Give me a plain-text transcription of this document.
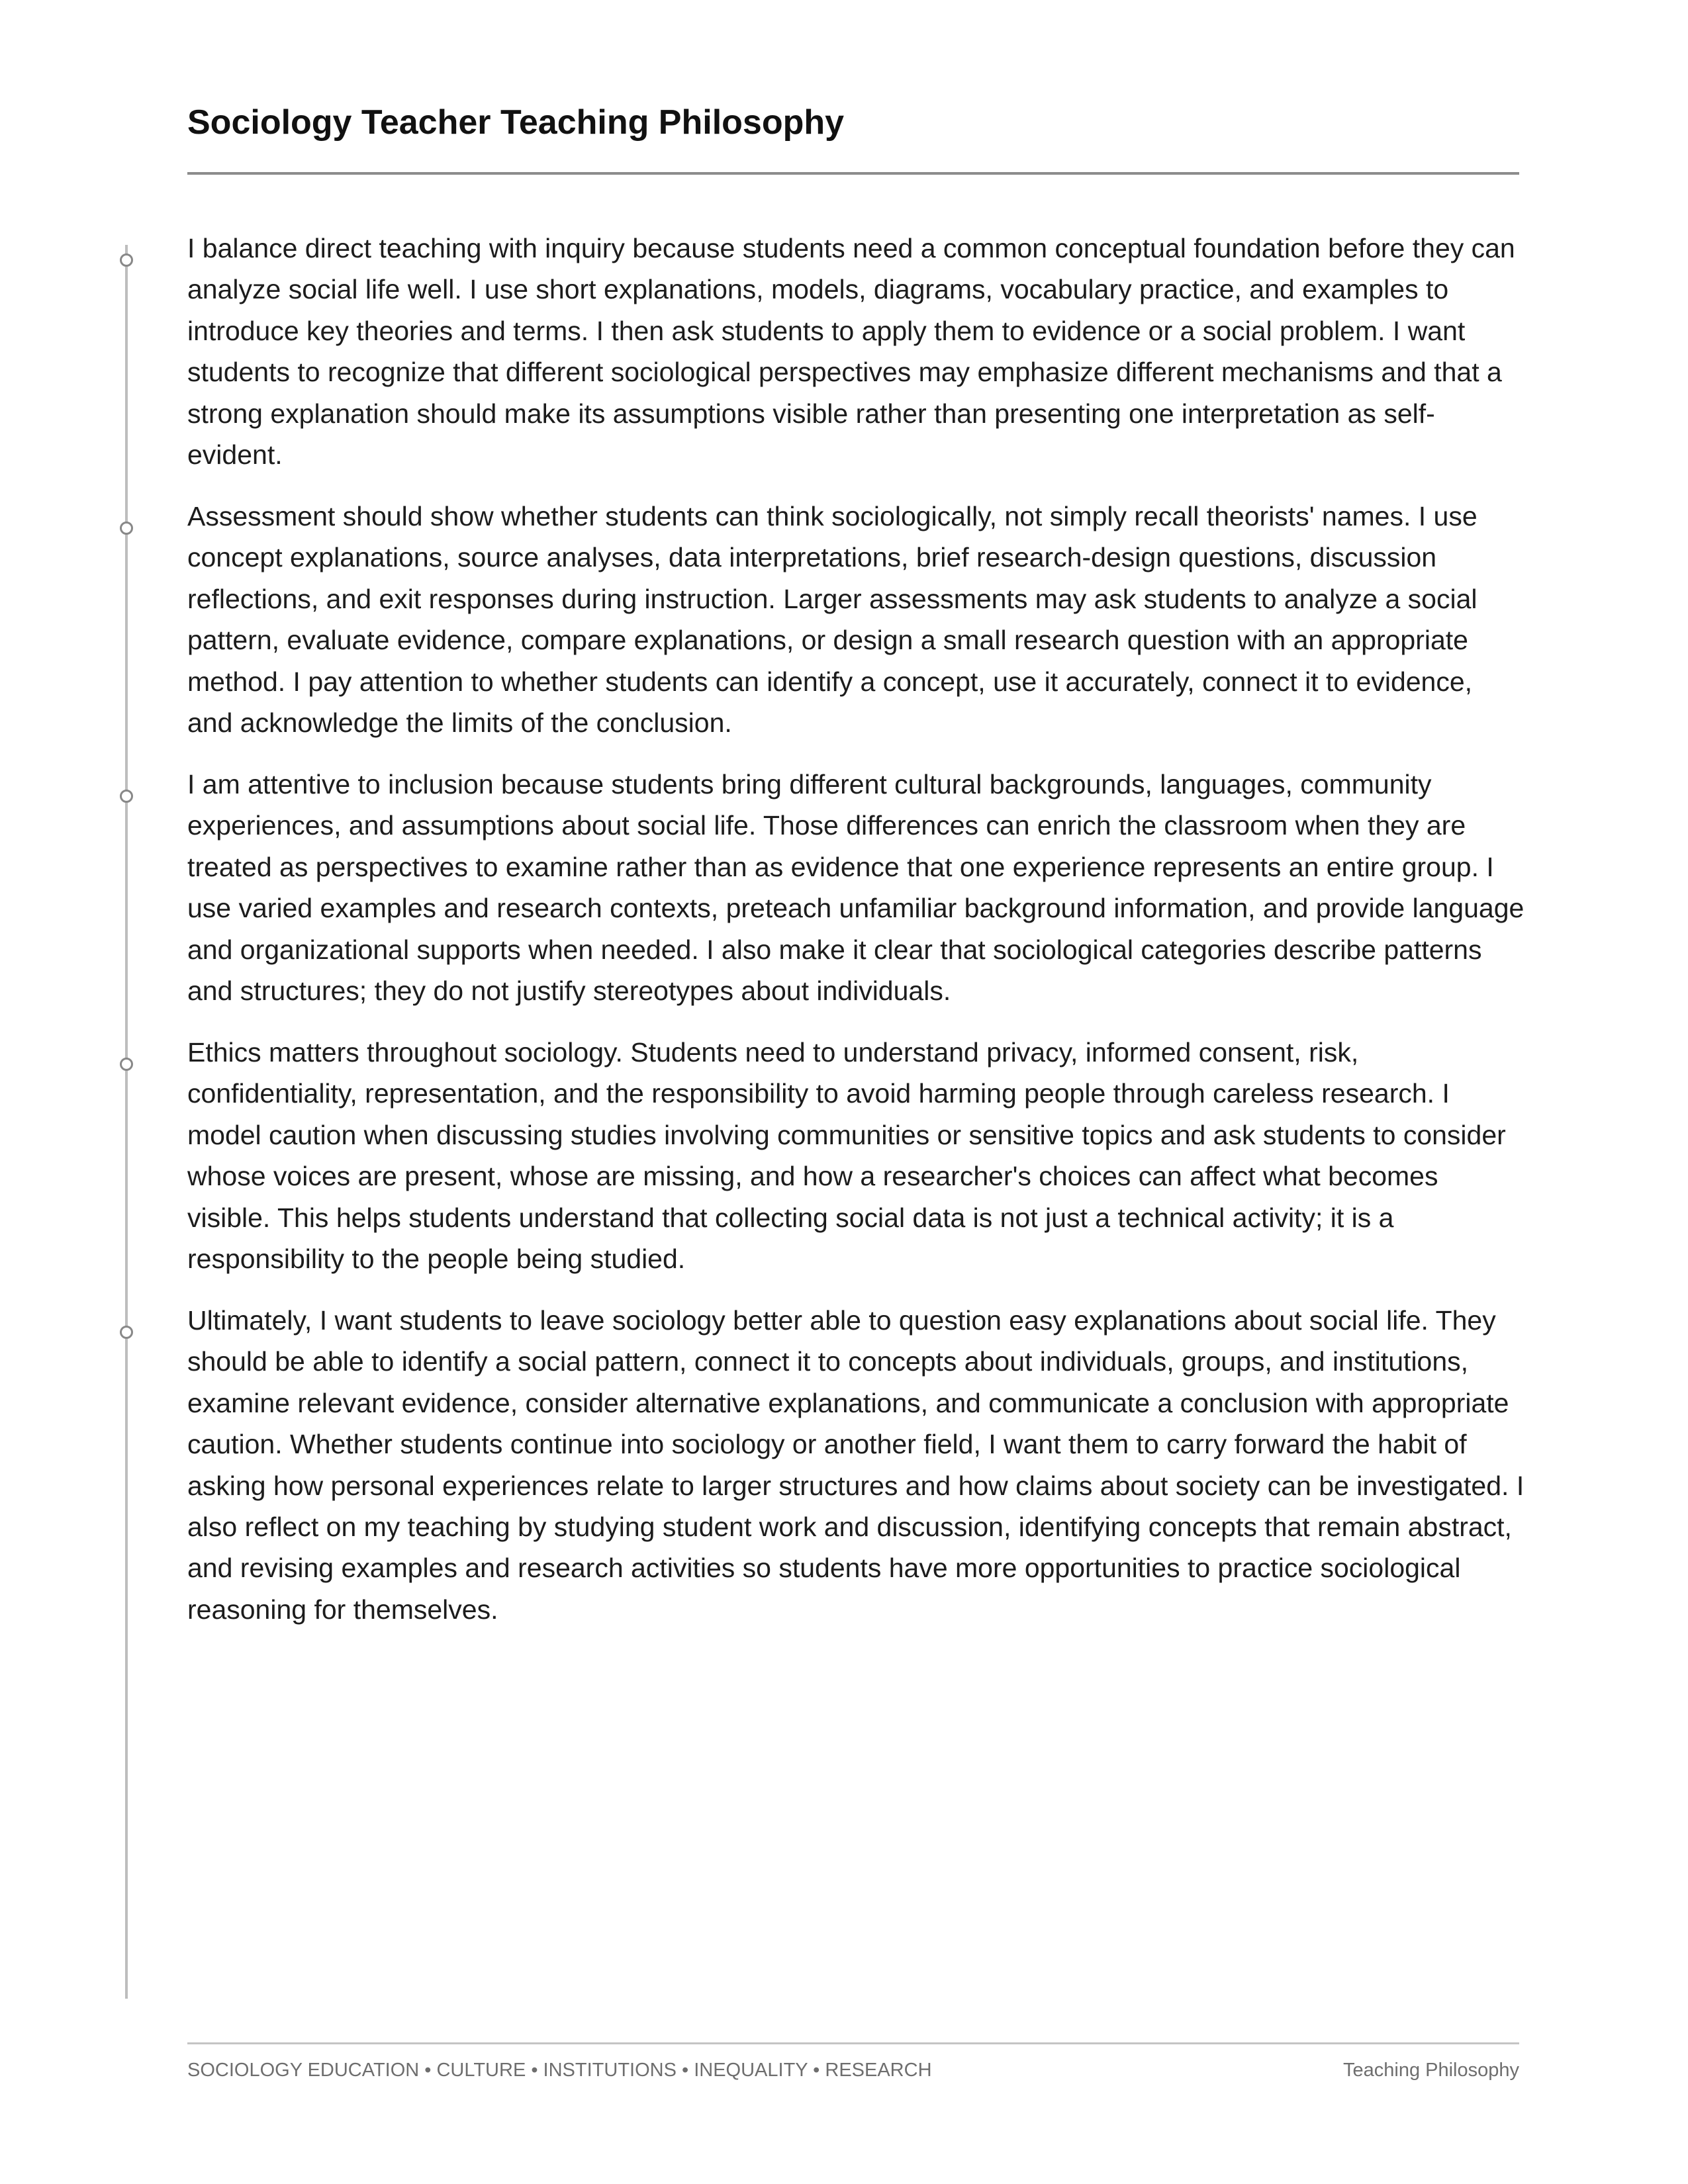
Sociology Teacher Teaching Philosophy

I balance direct teaching with inquiry because students need a common conceptual foundation before they can analyze social life well. I use short explanations, models, diagrams, vocabulary practice, and examples to introduce key theories and terms. I then ask students to apply them to evidence or a social problem. I want students to recognize that different sociological perspectives may emphasize different mechanisms and that a strong explanation should make its assumptions visible rather than presenting one interpretation as self-evident.

Assessment should show whether students can think sociologically, not simply recall theorists' names. I use concept explanations, source analyses, data interpretations, brief research-design questions, discussion reflections, and exit responses during instruction. Larger assessments may ask students to analyze a social pattern, evaluate evidence, compare explanations, or design a small research question with an appropriate method. I pay attention to whether students can identify a concept, use it accurately, connect it to evidence, and acknowledge the limits of the conclusion.

I am attentive to inclusion because students bring different cultural backgrounds, languages, community experiences, and assumptions about social life. Those differences can enrich the classroom when they are treated as perspectives to examine rather than as evidence that one experience represents an entire group. I use varied examples and research contexts, preteach unfamiliar background information, and provide language and organizational supports when needed. I also make it clear that sociological categories describe patterns and structures; they do not justify stereotypes about individuals.

Ethics matters throughout sociology. Students need to understand privacy, informed consent, risk, confidentiality, representation, and the responsibility to avoid harming people through careless research. I model caution when discussing studies involving communities or sensitive topics and ask students to consider whose voices are present, whose are missing, and how a researcher's choices can affect what becomes visible. This helps students understand that collecting social data is not just a technical activity; it is a responsibility to the people being studied.

Ultimately, I want students to leave sociology better able to question easy explanations about social life. They should be able to identify a social pattern, connect it to concepts about individuals, groups, and institutions, examine relevant evidence, consider alternative explanations, and communicate a conclusion with appropriate caution. Whether students continue into sociology or another field, I want them to carry forward the habit of asking how personal experiences relate to larger structures and how claims about society can be investigated. I also reflect on my teaching by studying student work and discussion, identifying concepts that remain abstract, and revising examples and research activities so students have more opportunities to practice sociological reasoning for themselves.

SOCIOLOGY EDUCATION • CULTURE • INSTITUTIONS • INEQUALITY • RESEARCH	Teaching Philosophy
